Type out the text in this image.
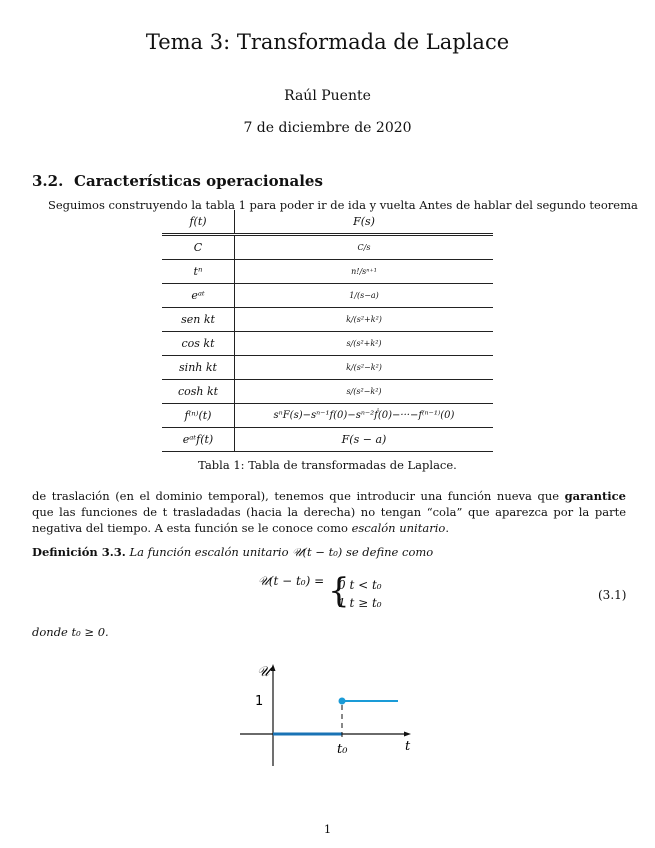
Tema 3: Transformada de Laplace
Raúl Puente
7 de diciembre de 2020
3.2. Características operacionales
Seguimos construyendo la tabla 1 para poder ir de ida y vuelta Antes de hablar del segundo teorema
f(t)	F(s)
C	C/s
tⁿ	n!/sⁿ⁺¹
eᵃᵗ	1/(s−a)
sen kt	k/(s²+k²)
cos kt	s/(s²+k²)
sinh kt	k/(s²−k²)
cosh kt	s/(s²−k²)
f⁽ⁿ⁾(t)	sⁿF(s)−sⁿ⁻¹f(0)−sⁿ⁻²ḟ(0)−···−f⁽ⁿ⁻¹⁾(0)
eᵃᵗf(t)	F(s − a)
Tabla 1: Tabla de transformadas de Laplace.
de traslación (en el dominio temporal), tenemos que introducir una función nueva que garantice que las funciones de t trasladadas (hacia la derecha) no tengan “cola” que aparezca por la parte negativa del tiempo. A esta función se le conoce como escalón unitario.
Definición 3.3. La función escalón unitario 𝒰(t − t₀) se define como
𝒰(t − t₀) = {
0 t < t₀
1 t ≥ t₀
(3.1)
donde t₀ ≥ 0.
𝒰
1
t₀	t
1
